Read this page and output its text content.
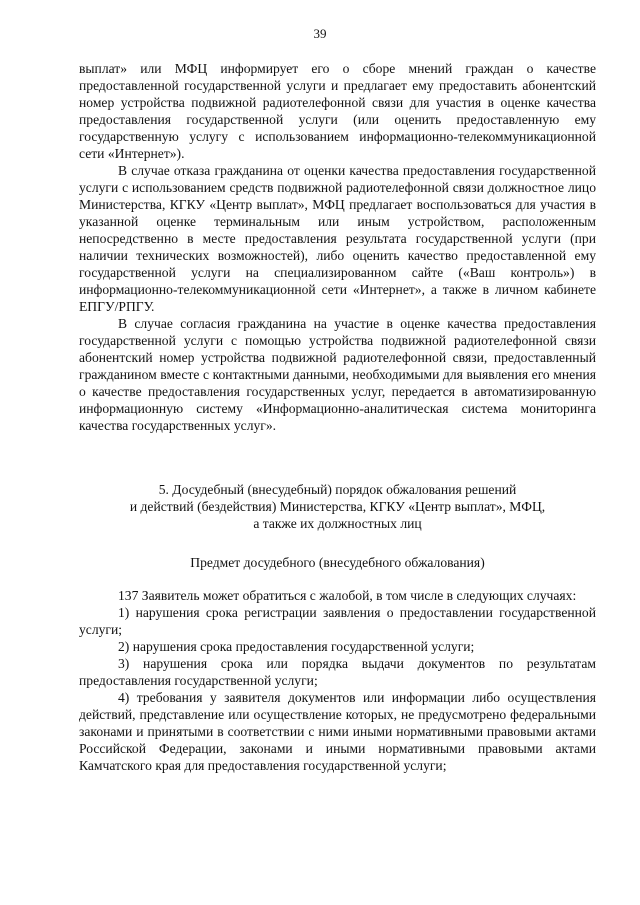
39

выплат» или МФЦ информирует его о сборе мнений граждан о качестве предоставленной государственной услуги и предлагает ему предоставить абонентский номер устройства подвижной радиотелефонной связи для участия в оценке качества предоставления государственной услуги (или оценить предоставленную ему государственную услугу с использованием информационно-телекоммуникационной сети «Интернет»).

В случае отказа гражданина от оценки качества предоставления государственной услуги с использованием средств подвижной радиотелефонной связи должностное лицо Министерства, КГКУ «Центр выплат», МФЦ предлагает воспользоваться для участия в указанной оценке терминальным или иным устройством, расположенным непосредственно в месте предоставления результата государственной услуги (при наличии технических возможностей), либо оценить качество предоставленной ему государственной услуги на специализированном сайте («Ваш контроль») в информационно-телекоммуникационной сети «Интернет», а также в личном кабинете ЕПГУ/РПГУ.

В случае согласия гражданина на участие в оценке качества предоставления государственной услуги с помощью устройства подвижной радиотелефонной связи абонентский номер устройства подвижной радиотелефонной связи, предоставленный гражданином вместе с контактными данными, необходимыми для выявления его мнения о качестве предоставления государственных услуг, передается в автоматизированную информационную систему «Информационно-аналитическая система мониторинга качества государственных услуг».

5. Досудебный (внесудебный) порядок обжалования решений
и действий (бездействия) Министерства, КГКУ «Центр выплат», МФЦ,
а также их должностных лиц
Предмет досудебного (внесудебного обжалования)

137 Заявитель может обратиться с жалобой, в том числе в следующих случаях:

1) нарушения срока регистрации заявления о предоставлении государственной услуги;

2) нарушения срока предоставления государственной услуги;

3) нарушения срока или порядка выдачи документов по результатам предоставления государственной услуги;

4) требования у заявителя документов или информации либо осуществления действий, представление или осуществление которых, не предусмотрено федеральными законами и принятыми в соответствии с ними иными нормативными правовыми актами Российской Федерации, законами и иными нормативными правовыми актами Камчатского края для предоставления государственной услуги;
